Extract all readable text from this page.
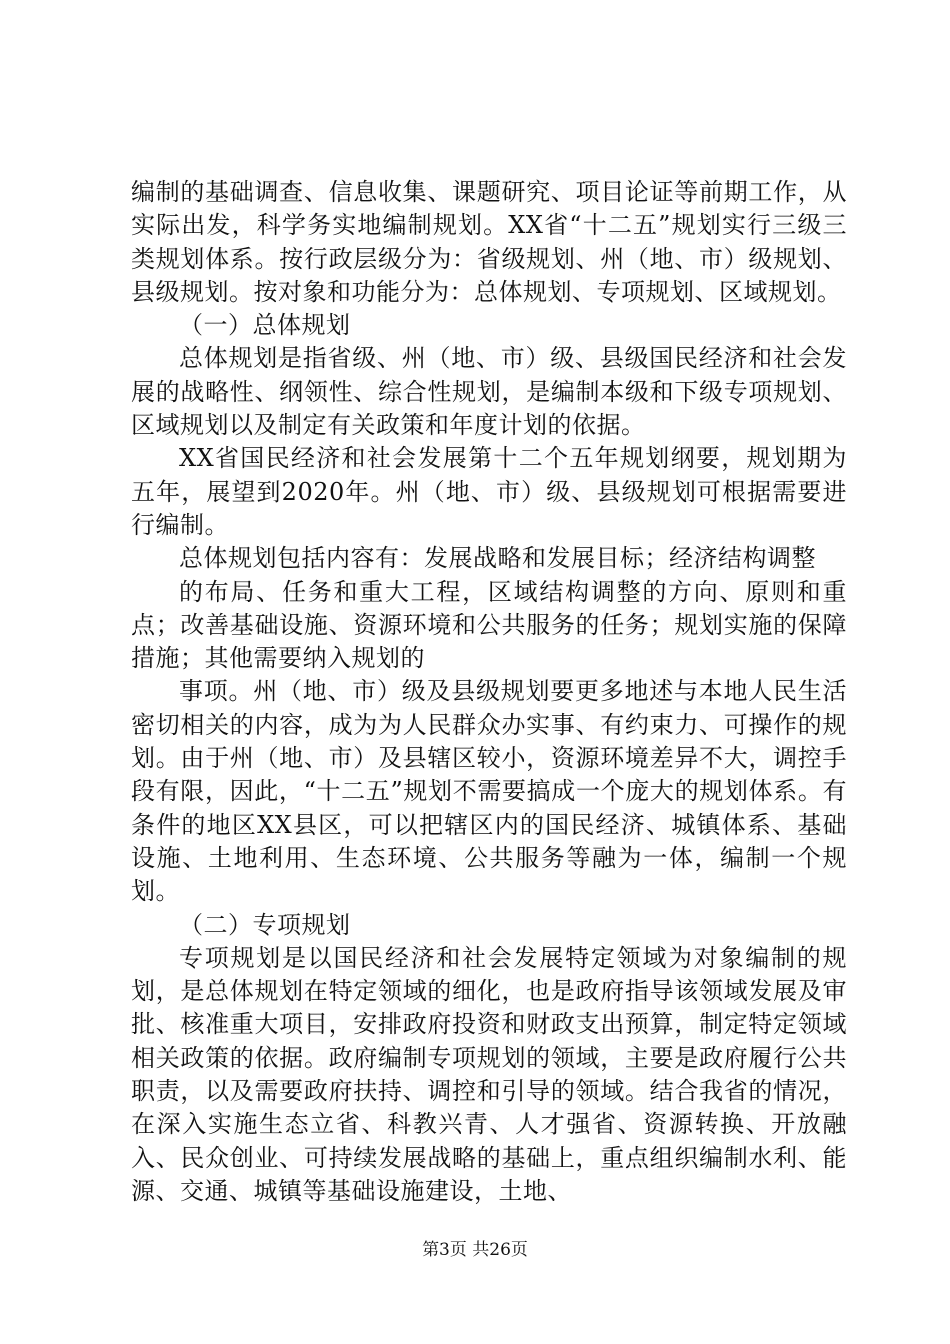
编制的基础调查、信息收集、课题研究、项目论证等前期工作，从实际出发，科学务实地编制规划。XX省“十二五”规划实行三级三类规划体系。按行政层级分为：省级规划、州（地、市）级规划、县级规划。按对象和功能分为：总体规划、专项规划、区域规划。

（一）总体规划

总体规划是指省级、州（地、市）级、县级国民经济和社会发展的战略性、纲领性、综合性规划，是编制本级和下级专项规划、区域规划以及制定有关政策和年度计划的依据。

XX省国民经济和社会发展第十二个五年规划纲要，规划期为五年，展望到2020年。州（地、市）级、县级规划可根据需要进行编制。

总体规划包括内容有：发展战略和发展目标；经济结构调整

的布局、任务和重大工程，区域结构调整的方向、原则和重点；改善基础设施、资源环境和公共服务的任务；规划实施的保障措施；其他需要纳入规划的

事项。州（地、市）级及县级规划要更多地述与本地人民生活密切相关的内容，成为为人民群众办实事、有约束力、可操作的规划。由于州（地、市）及县辖区较小，资源环境差异不大，调控手段有限，因此，“十二五”规划不需要搞成一个庞大的规划体系。有条件的地区XX县区，可以把辖区内的国民经济、城镇体系、基础设施、土地利用、生态环境、公共服务等融为一体，编制一个规划。

（二）专项规划

专项规划是以国民经济和社会发展特定领域为对象编制的规划，是总体规划在特定领域的细化，也是政府指导该领域发展及审批、核准重大项目，安排政府投资和财政支出预算，制定特定领域相关政策的依据。政府编制专项规划的领域，主要是政府履行公共职责，以及需要政府扶持、调控和引导的领域。结合我省的情况，在深入实施生态立省、科教兴青、人才强省、资源转换、开放融入、民众创业、可持续发展战略的基础上，重点组织编制水利、能源、交通、城镇等基础设施建设，土地、

第3页 共26页
